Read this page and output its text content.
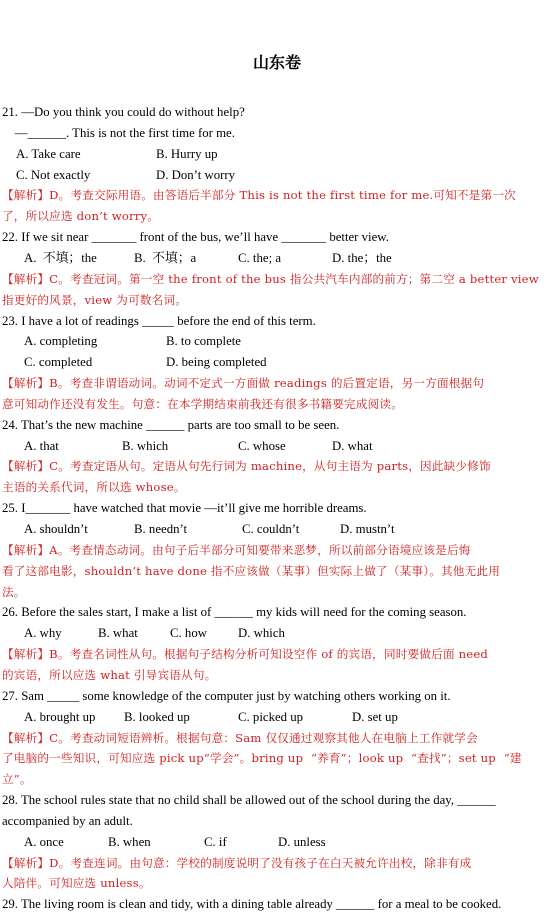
山东卷
21. —Do you think you could do without help?
—______. This is not the first time for me.
A. Take care	B. Hurry up
C. Not exactly	D. Don’t worry
【解析】D。考查交际用语。由答语后半部分 This is not the first time for me.可知不是第一次
了，所以应选 don’t worry。
22. If we sit near _______ front of the bus, we’ll have _______ better view.
A.  不填；the	B.  不填；a	C. the; a	D. the；the
【解析】C。考查冠词。第一空 the front of the bus 指公共汽车内部的前方；第二空 a better view
指更好的风景，view 为可数名词。
23. I have a lot of readings _____ before the end of this term.
A. completing	B. to complete
C. completed	D. being completed
【解析】B。考查非谓语动词。动词不定式一方面做 readings 的后置定语，另一方面根据句
意可知动作还没有发生。句意：在本学期结束前我还有很多书籍要完成阅读。
24. That’s the new machine ______ parts are too small to be seen.
A. that	B. which	C. whose	D. what
【解析】C。考查定语从句。定语从句先行词为 machine，从句主语为 parts，因此缺少修饰
主语的关系代词，所以选 whose。
25. I_______ have watched that movie —it’ll give me horrible dreams.
A. shouldn’t	B. needn’t	C. couldn’t	D. mustn’t
【解析】A。考查情态动词。由句子后半部分可知要带来恶梦，所以前部分语境应该是后悔
看了这部电影，shouldn’t have done 指不应该做（某事）但实际上做了（某事）。其他无此用
法。
26. Before the sales start, I make a list of ______ my kids will need for the coming season.
A. why	B. what	C. how D. which
【解析】B。考查名词性从句。根据句子结构分析可知设空作 of 的宾语，同时要做后面 need
的宾语，所以应选 what 引导宾语从句。
27. Sam _____ some knowledge of the computer just by watching others working on it.
A. brought up B. looked up	C. picked up	D. set up
【解析】C。考查动词短语辨析。根据句意：Sam 仅仅通过观察其他人在电脑上工作就学会
了电脑的一些知识，可知应选 pick up“学会”。bring up  “养育”；look up  “查找”；set up  “建
立”。
28. The school rules state that no child shall be allowed out of the school during the day, ______
accompanied by an adult.
A. once	B. when	C. if	D. unless
【解析】D。考查连词。由句意：学校的制度说明了没有孩子在白天被允许出校，除非有成
人陪伴。可知应选 unless。
29. The living room is clean and tidy, with a dining table already ______ for a meal to be cooked.
